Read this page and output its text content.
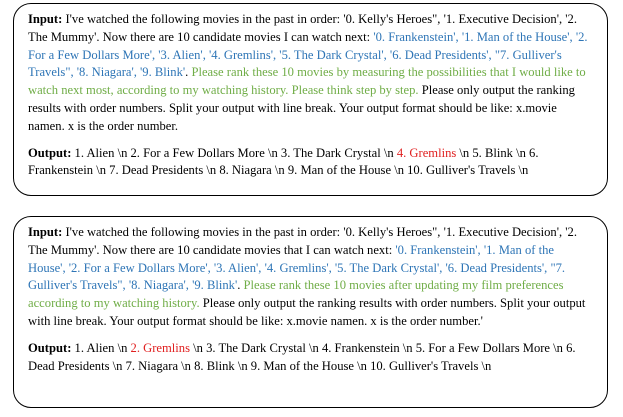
Input: I've watched the following movies in the past in order: '0. Kelly's Heroes", '1. Executive Decision', '2. The Mummy'. Now there are 10 candidate movies I can watch next: '0. Frankenstein', '1. Man of the House', '2. For a Few Dollars More', '3. Alien', '4. Gremlins', '5. The Dark Crystal', '6. Dead Presidents', "7. Gulliver's Travels", '8. Niagara', '9. Blink'. Please rank these 10 movies by measuring the possibilities that I would like to watch next most, according to my watching history. Please think step by step. Please only output the ranking results with order numbers. Split your output with line break. Your output format should be like: x.movie namen. x is the order number.

Output: 1. Alien \n 2. For a Few Dollars More \n 3. The Dark Crystal \n 4. Gremlins \n 5. Blink \n 6. Frankenstein \n 7. Dead Presidents \n 8. Niagara \n 9. Man of the House \n 10. Gulliver's Travels \n

Input: I've watched the following movies in the past in order: '0. Kelly's Heroes", '1. Executive Decision', '2. The Mummy'. Now there are 10 candidate movies that I can watch next: '0. Frankenstein', '1. Man of the House', '2. For a Few Dollars More', '3. Alien', '4. Gremlins', '5. The Dark Crystal', '6. Dead Presidents', "7. Gulliver's Travels", '8. Niagara', '9. Blink'. Please rank these 10 movies after updating my film preferences according to my watching history. Please only output the ranking results with order numbers. Split your output with line break. Your output format should be like: x.movie namen. x is the order number.'

Output: 1. Alien \n 2. Gremlins \n 3. The Dark Crystal \n 4. Frankenstein \n 5. For a Few Dollars More \n 6. Dead Presidents \n 7. Niagara \n 8. Blink \n 9. Man of the House \n 10. Gulliver's Travels \n
